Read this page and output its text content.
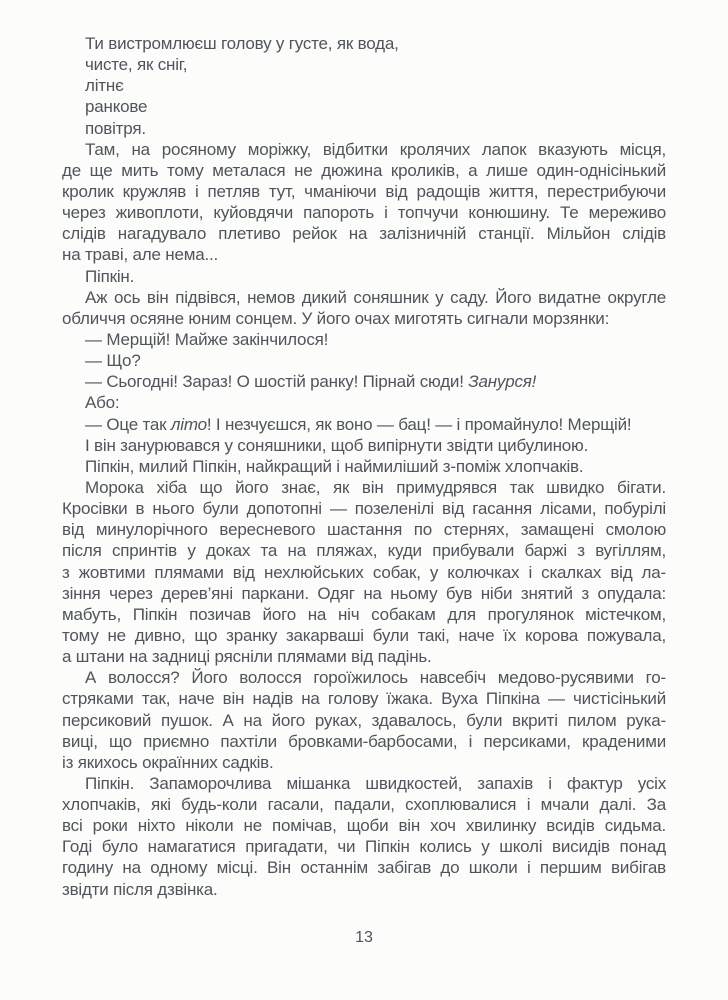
Ти вистромлюєш голову у густе, як вода,
чисте, як сніг,
літнє
ранкове
повітря.
Там, на росяному моріжку, відбитки кролячих лапок вказують місця,
де ще мить тому металася не дюжина кроликів, а лише один-однісінький
кролик кружляв і петляв тут, чманіючи від радощів життя, перестрибуючи
через живоплоти, куйовдячи папороть і топчучи конюшину. Те мереживо
слідів нагадувало плетиво рейок на залізничній станції. Мільйон слідів
на траві, але нема...
Піпкін.
Аж ось він підвівся, немов дикий соняшник у саду. Його видатне округле
обличчя осяяне юним сонцем. У його очах миготять сигнали морзянки:
— Мерщій! Майже закінчилося!
— Що?
— Сьогодні! Зараз! О шостій ранку! Пірнай сюди! Занурся!
Або:
— Оце так літо! І незчуєшся, як воно — бац! — і промайнуло! Мерщій!
І він занурювався у соняшники, щоб випірнути звідти цибулиною.
Піпкін, милий Піпкін, найкращий і наймиліший з-поміж хлопчаків.
Морока хіба що його знає, як він примудрявся так швидко бігати.
Кросівки в нього були допотопні — позеленілі від гасання лісами, побурілі
від минулорічного вересневого шастання по стернях, замащені смолою
після спринтів у доках та на пляжах, куди прибували баржі з вугіллям,
з жовтими плямами від нехлюйських собак, у колючках і скалках від ла-
зіння через дерев’яні паркани. Одяг на ньому був ніби знятий з опудала:
мабуть, Піпкін позичав його на ніч собакам для прогулянок містечком,
тому не дивно, що зранку закарваші були такі, наче їх корова пожувала,
а штани на задниці рясніли плямами від падінь.
А волосся? Його волосся гороїжилось навсебіч медово-русявими го-
стряками так, наче він надів на голову їжака. Вуха Піпкіна — чистісінький
персиковий пушок. А на його руках, здавалось, були вкриті пилом рука-
виці, що приємно пахтіли бровками-барбосами, і персиками, краденими
із якихось окраїнних садків.
Піпкін. Запаморочлива мішанка швидкостей, запахів і фактур усіх
хлопчаків, які будь-коли гасали, падали, схоплювалися і мчали далі. За
всі роки ніхто ніколи не помічав, щоби він хоч хвилинку всидів сидьма.
Годі було намагатися пригадати, чи Піпкін колись у школі висидів понад
годину на одному місці. Він останнім забігав до школи і першим вибігав
звідти після дзвінка.
13
